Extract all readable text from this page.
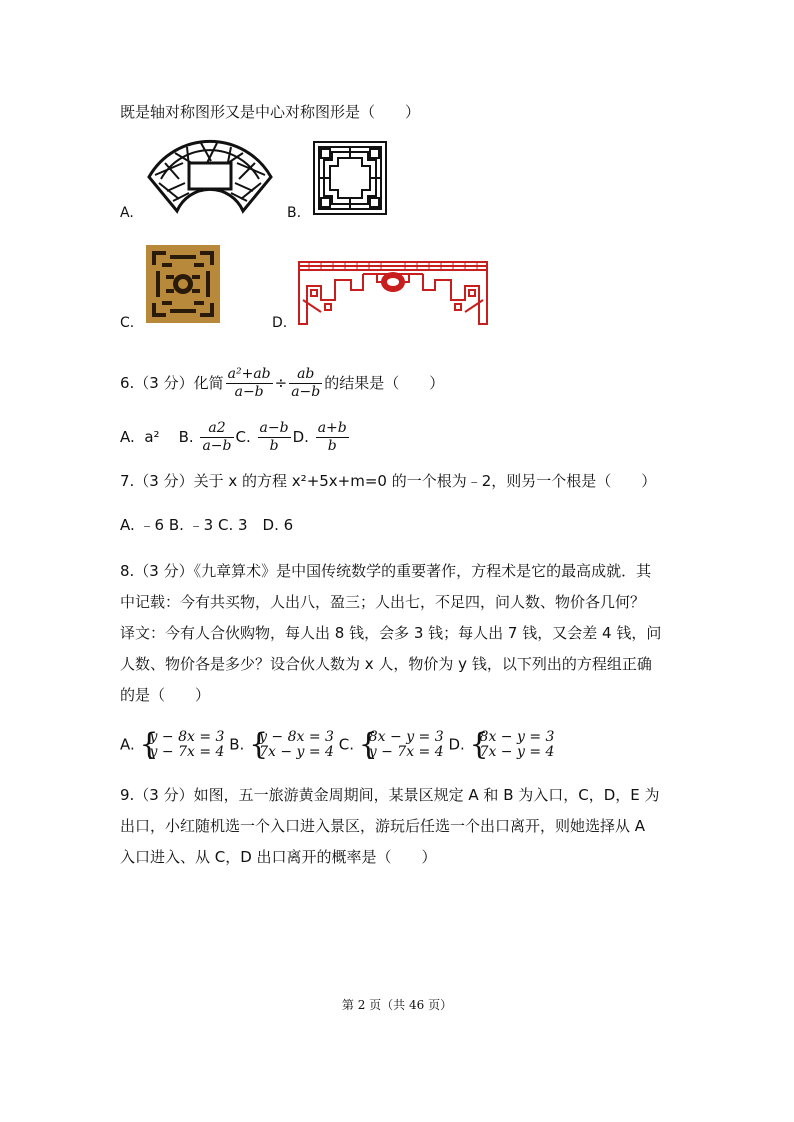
既是轴对称图形又是中心对称图形是（　　）
A.	B.
C.	D.
6.（3 分）化简 $\frac{\text{a²+ab}}{a-b} \div \frac{ab}{a-b}$ 的结果是（　　）
A. a² B. $\frac{a2}{a-b} C$. $\frac{a-b}{b} D$. $\frac{a+b}{b}$
7.（3 分）关于 x 的方程 x²+5x+m=0 的一个根为﹣2，则另一个根是（　　）
A. ﹣6 B. ﹣3 C. 3　D. 6
8.（3 分）《九章算术》是中国传统数学的重要著作，方程术是它的最高成就．其
中记载：今有共买物，人出八，盈三；人出七，不足四，问人数、物价各几何？
译文：今有人合伙购物，每人出 8 钱，会多 3 钱；每人出 7 钱，又会差 4 钱，问
人数、物价各是多少？设合伙人数为 x 人，物价为 y 钱，以下列出的方程组正确
的是（　　）
A. {
y − 8x = 3
y − 7x = 4 B. {
y − 8x = 3
7x − y = 4 C. {
8x − y = 3
y − 7x = 4 D. {
8x − y = 3
7x − y = 4
9.（3 分）如图，五一旅游黄金周期间，某景区规定 A 和 B 为入口，C，D，E 为
出口，小红随机选一个入口进入景区，游玩后任选一个出口离开，则她选择从 A
入口进入、从 C，D 出口离开的概率是（　　）
第 2 页（共 46 页）
